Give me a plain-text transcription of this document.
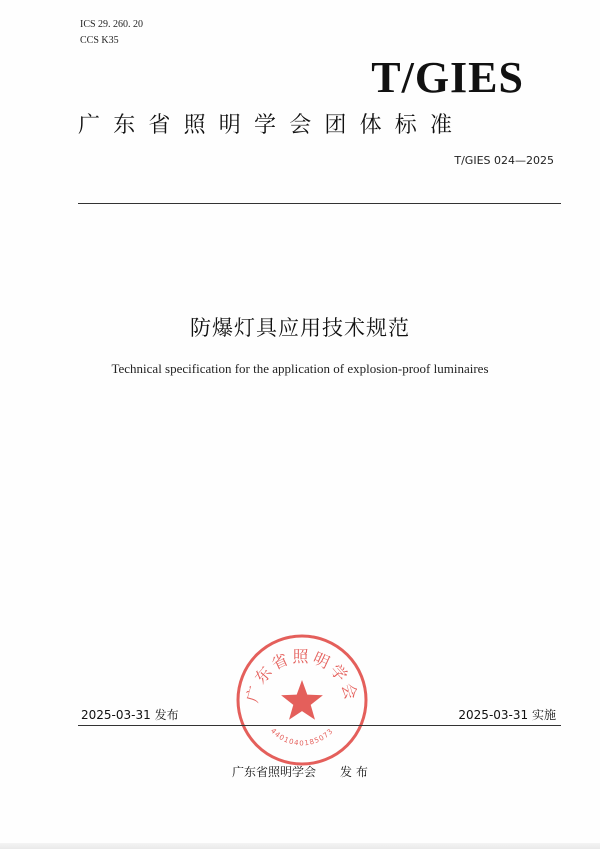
ICS 29. 260. 20
CCS K35
T/GIES
广东省照明学会团体标准
T/GIES 024—2025
防爆灯具应用技术规范
Technical specification for the application of explosion-proof luminaires
广东省照明学会
4401040185073
2025-03-31 发布	2025-03-31 实施
广东省照明学会 发 布
